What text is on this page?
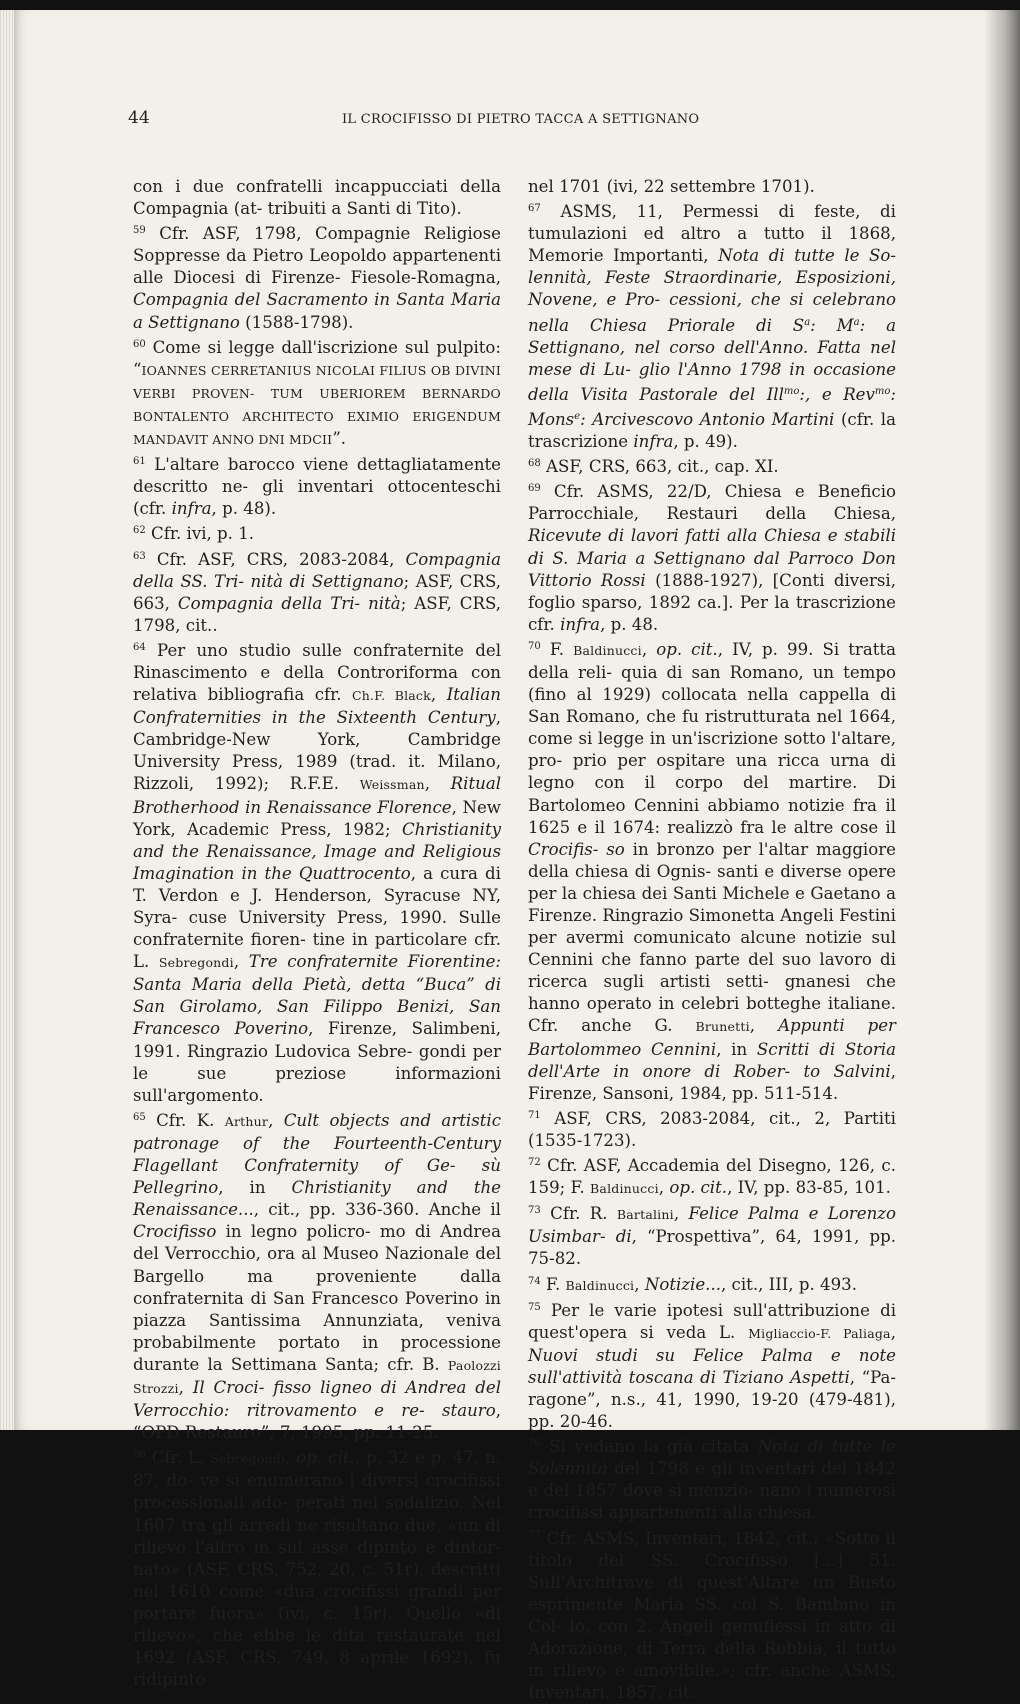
44	IL CROCIFISSO DI PIETRO TACCA A SETTIGNANO

con i due confratelli incappucciati della Compagnia (at- tribuiti a Santi di Tito).

$^{59}$ Cfr. ASF, 1798, Compagnie Religiose Soppresse da Pietro Leopoldo appartenenti alle Diocesi di Firenze- Fiesole-Romagna, Compagnia del Sacramento in Santa Maria a Settignano (1588-1798).

$^{60}$ Come si legge dall'iscrizione sul pulpito: “IOANNES CERRETANIUS NICOLAI FILIUS OB DIVINI VERBI PROVEN- TUM UBERIOREM BERNARDO BONTALENTO ARCHITECTO EXIMIO ERIGENDUM MANDAVIT ANNO DNI MDCII”.

$^{61}$ L'altare barocco viene dettagliatamente descritto ne- gli inventari ottocenteschi (cfr. infra, p. 48).

$^{62}$ Cfr. ivi, p. 1.

$^{63}$ Cfr. ASF, CRS, 2083-2084, Compagnia della SS. Tri- nità di Settignano; ASF, CRS, 663, Compagnia della Tri- nità; ASF, CRS, 1798, cit..

$^{64}$ Per uno studio sulle confraternite del Rinascimento e della Controriforma con relativa bibliografia cfr. Ch.F. Black, Italian Confraternities in the Sixteenth Century, Cambridge-New York, Cambridge University Press, 1989 (trad. it. Milano, Rizzoli, 1992); R.F.E. Weissman, Ritual Brotherhood in Renaissance Florence, New York, Academic Press, 1982; Christianity and the Renaissance, Image and Religious Imagination in the Quattrocento, a cura di T. Verdon e J. Henderson, Syracuse NY, Syra- cuse University Press, 1990. Sulle confraternite fioren- tine in particolare cfr. L. Sebregondi, Tre confraternite Fiorentine: Santa Maria della Pietà, detta “Buca” di San Girolamo, San Filippo Benizi, San Francesco Poverino, Firenze, Salimbeni, 1991. Ringrazio Ludovica Sebre- gondi per le sue preziose informazioni sull'argomento.

$^{65}$ Cfr. K. Arthur, Cult objects and artistic patronage of the Fourteenth-Century Flagellant Confraternity of Ge- sù Pellegrino, in Christianity and the Renaissance..., cit., pp. 336-360. Anche il Crocifisso in legno policro- mo di Andrea del Verrocchio, ora al Museo Nazionale del Bargello ma proveniente dalla confraternita di San Francesco Poverino in piazza Santissima Annunziata, veniva probabilmente portato in processione durante la Settimana Santa; cfr. B. Paolozzi Strozzi, Il Croci- fisso ligneo di Andrea del Verrocchio: ritrovamento e re- stauro, “OPD Restauro”, 7, 1995, pp. 11-25.

$^{66}$ Cfr. L. Sebregondi, op. cit., p. 32 e p. 47, n. 87, do- ve si enumerano i diversi crocifissi processionali ado- perati nel sodalizio. Nel 1607 tra gli arredi ne risultano due, «un di rilievo l'altro in sul asse dipinto e dintor- nato» (ASF, CRS, 752, 20, c. 51r), descritti nel 1610 come «dua crocifissi grandi per portare fuora» (ivi, c. 15r). Quello «di rilievo», che ebbe le dita restaurate nel 1692 (ASF, CRS, 749, 8 aprile 1692), fu ridipinto

nel 1701 (ivi, 22 settembre 1701).

$^{67}$ ASMS, 11, Permessi di feste, di tumulazioni ed altro a tutto il 1868, Memorie Importanti, Nota di tutte le So- lennità, Feste Straordinarie, Esposizioni, Novene, e Pro- cessioni, che si celebrano nella Chiesa Priorale di $S^a$: $M^a$: a Settignano, nel corso dell'Anno. Fatta nel mese di Lu- glio l'Anno 1798 in occasione della Visita Pastorale del Ill$^{mo}$:, e Rev$^{mo}$: Mons$^e$: Arcivescovo Antonio Martini (cfr. la trascrizione infra, p. 49).

$^{68}$ ASF, CRS, 663, cit., cap. XI.

$^{69}$ Cfr. ASMS, 22/D, Chiesa e Beneficio Parrocchiale, Restauri della Chiesa, Ricevute di lavori fatti alla Chiesa e stabili di S. Maria a Settignano dal Parroco Don Vittorio Rossi (1888-1927), [Conti diversi, foglio sparso, 1892 ca.]. Per la trascrizione cfr. infra, p. 48.

$^{70}$ F. Baldinucci, op. cit., IV, p. 99. Si tratta della reli- quia di san Romano, un tempo (fino al 1929) collocata nella cappella di San Romano, che fu ristrutturata nel 1664, come si legge in un'iscrizione sotto l'altare, pro- prio per ospitare una ricca urna di legno con il corpo del martire. Di Bartolomeo Cennini abbiamo notizie fra il 1625 e il 1674: realizzò fra le altre cose il Crocifis- so in bronzo per l'altar maggiore della chiesa di Ognis- santi e diverse opere per la chiesa dei Santi Michele e Gaetano a Firenze. Ringrazio Simonetta Angeli Festini per avermi comunicato alcune notizie sul Cennini che fanno parte del suo lavoro di ricerca sugli artisti setti- gnanesi che hanno operato in celebri botteghe italiane. Cfr. anche G. Brunetti, Appunti per Bartolommeo Cennini, in Scritti di Storia dell'Arte in onore di Rober- to Salvini, Firenze, Sansoni, 1984, pp. 511-514.

$^{71}$ ASF, CRS, 2083-2084, cit., 2, Partiti (1535-1723).

$^{72}$ Cfr. ASF, Accademia del Disegno, 126, c. 159; F. Baldinucci, op. cit., IV, pp. 83-85, 101.

$^{73}$ Cfr. R. Bartalini, Felice Palma e Lorenzo Usimbar- di, “Prospettiva”, 64, 1991, pp. 75-82.

$^{74}$ F. Baldinucci, Notizie..., cit., III, p. 493.

$^{75}$ Per le varie ipotesi sull'attribuzione di quest'opera si veda L. Migliaccio-F. Paliaga, Nuovi studi su Felice Palma e note sull'attività toscana di Tiziano Aspetti, “Pa- ragone”, n.s., 41, 1990, 19-20 (479-481), pp. 20-46.

$^{76}$ Si vedano la già citata Nota di tutte le Solennità del 1798 e gli inventari del 1842 e del 1857 dove si menzio- nano i numerosi crocifissi appartenenti alla chiesa.

$^{77}$ Cfr. ASMS, Inventari, 1842, cit.: «Sotto il titolo del SS. Crocifisso [...] 51. Sull'Architrave di quest'Altare un Busto esprimente Maria SS. col S. Bambino in Col- lo, con 2. Angeli genuflessi in atto di Adorazione, di Terra della Robbia, il tutto in rilievo e amovibile.»; cfr. anche ASMS, Inventari, 1857, cit.
